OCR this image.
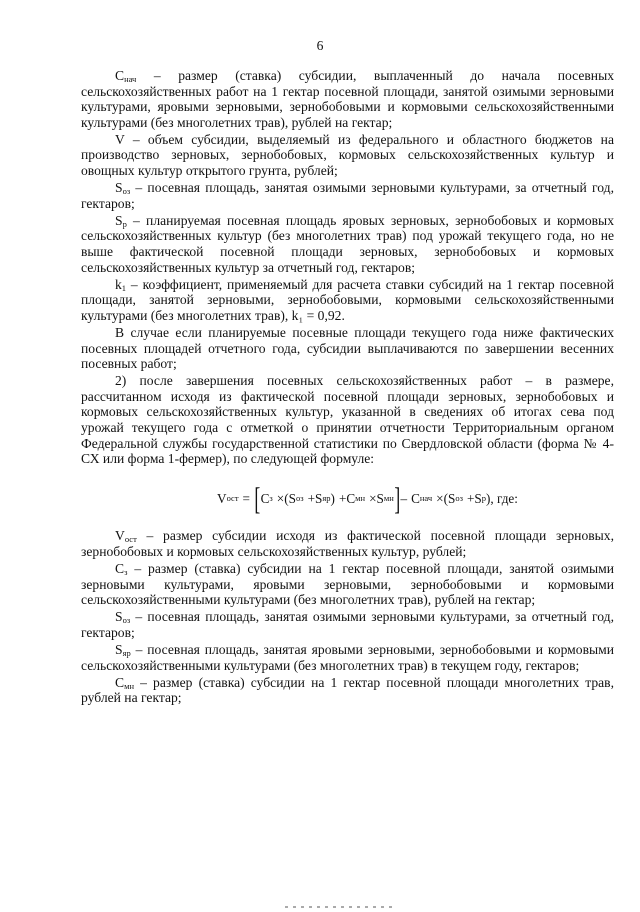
6

$C_{нач}$ – размер (ставка) субсидии, выплаченный до начала посевных сельскохозяйственных работ на 1 гектар посевной площади, занятой озимыми зерновыми культурами, яровыми зерновыми, зернобобовыми и кормовыми сельскохозяйственными культурами (без многолетних трав), рублей на гектар;

V – объем субсидии, выделяемый из федерального и областного бюджетов на производство зерновых, зернобобовых, кормовых сельскохозяйственных культур и овощных культур открытого грунта, рублей;

$S_{оз}$ – посевная площадь, занятая озимыми зерновыми культурами, за отчетный год, гектаров;

$S_р$ – планируемая посевная площадь яровых зерновых, зернобобовых и кормовых сельскохозяйственных культур (без многолетних трав) под урожай текущего года, но не выше фактической посевной площади зерновых, зернобобовых и кормовых сельскохозяйственных культур за отчетный год, гектаров;

$k_1$ – коэффициент, применяемый для расчета ставки субсидий на 1 гектар посевной площади, занятой зерновыми, зернобобовыми, кормовыми сельскохозяйственными культурами (без многолетних трав), k₁ = 0,92.

В случае если планируемые посевные площади текущего года ниже фактических посевных площадей отчетного года, субсидии выплачиваются по завершении весенних посевных работ;

2) после завершения посевных сельскохозяйственных работ – в размере, рассчитанном исходя из фактической посевной площади зерновых, зернобобовых и кормовых сельскохозяйственных культур, указанной в сведениях об итогах сева под урожай текущего года с отметкой о принятии отчетности Территориальным органом Федеральной службы государственной статистики по Свердловской области (форма № 4-СХ или форма 1-фермер), по следующей формуле:

V ост = [ C з × ( S оз + S яр ) + C мн × S мн ] – C нач × ( S оз + S р ) , где:

$V_{ост}$ – размер субсидии исходя из фактической посевной площади зерновых, зернобобовых и кормовых сельскохозяйственных культур, рублей;

$C_з$ – размер (ставка) субсидии на 1 гектар посевной площади, занятой озимыми зерновыми культурами, яровыми зерновыми, зернобобовыми и кормовыми сельскохозяйственными культурами (без многолетних трав), рублей на гектар;

$S_{оз}$ – посевная площадь, занятая озимыми зерновыми культурами, за отчетный год, гектаров;

$S_{яр}$ – посевная площадь, занятая яровыми зерновыми, зернобобовыми и кормовыми сельскохозяйственными культурами (без многолетних трав) в текущем году, гектаров;

$C_{мн}$ – размер (ставка) субсидии на 1 гектар посевной площади многолетних трав, рублей на гектар;
